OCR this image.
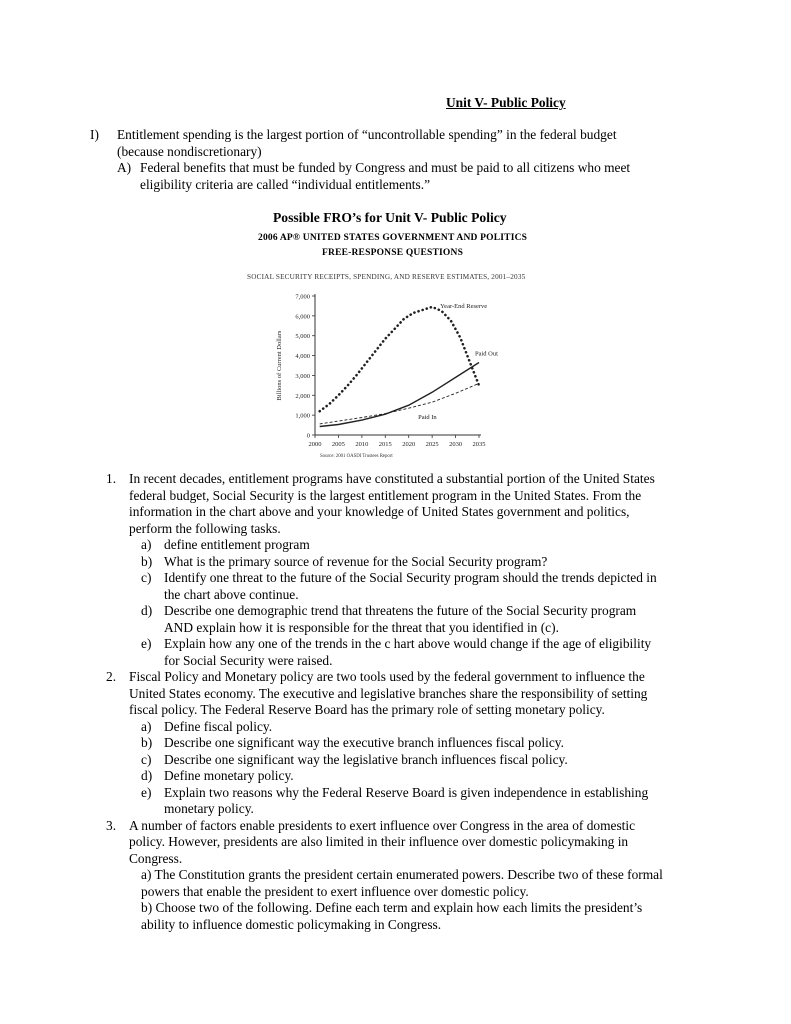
Unit V- Public Policy
I) Entitlement spending is the largest portion of “uncontrollable spending” in the federal budget
(because nondiscretionary)
A) Federal benefits that must be funded by Congress and must be paid to all citizens who meet
eligibility criteria are called “individual entitlements.”
Possible FRO’s for Unit V- Public Policy
2006 AP® UNITED STATES GOVERNMENT AND POLITICS
FREE-RESPONSE QUESTIONS
SOCIAL SECURITY RECEIPTS, SPENDING, AND RESERVE ESTIMATES, 2001–2035
0
1,000
2,000
3,000
4,000
5,000
6,000
7,000
2000 2005 2010 2015 2020 2025 2030 2035
Billions of Current Dollars
Year-End Reserve
Paid Out
Paid In
Source: 2001 OASDI Trustees Report
1. In recent decades, entitlement programs have constituted a substantial portion of the United States
federal budget, Social Security is the largest entitlement program in the United States. From the
information in the chart above and your knowledge of United States government and politics,
perform the following tasks.
a) define entitlement program
b) What is the primary source of revenue for the Social Security program?
c) Identify one threat to the future of the Social Security program should the trends depicted in
the chart above continue.
d) Describe one demographic trend that threatens the future of the Social Security program
AND explain how it is responsible for the threat that you identified in (c).
e) Explain how any one of the trends in the c hart above would change if the age of eligibility
for Social Security were raised.
2. Fiscal Policy and Monetary policy are two tools used by the federal government to influence the
United States economy. The executive and legislative branches share the responsibility of setting
fiscal policy. The Federal Reserve Board has the primary role of setting monetary policy.
a) Define fiscal policy.
b) Describe one significant way the executive branch influences fiscal policy.
c) Describe one significant way the legislative branch influences fiscal policy.
d) Define monetary policy.
e) Explain two reasons why the Federal Reserve Board is given independence in establishing
monetary policy.
3. A number of factors enable presidents to exert influence over Congress in the area of domestic
policy. However, presidents are also limited in their influence over domestic policymaking in
Congress.
a) The Constitution grants the president certain enumerated powers. Describe two of these formal
powers that enable the president to exert influence over domestic policy.
b) Choose two of the following. Define each term and explain how each limits the president’s
ability to influence domestic policymaking in Congress.
